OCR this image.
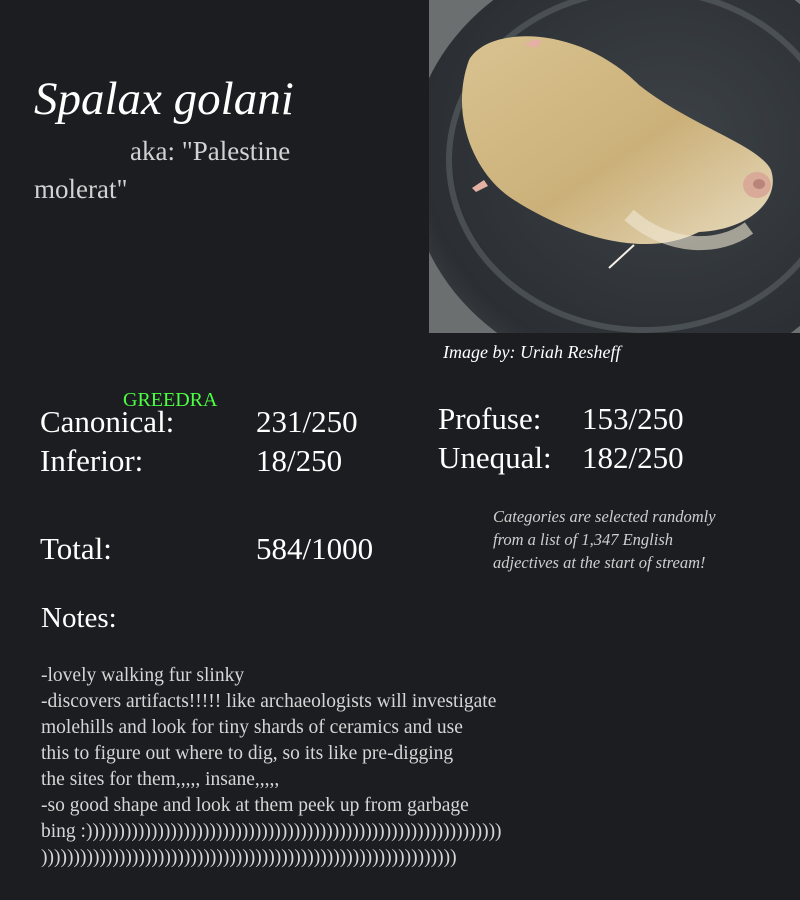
Spalax golani

aka: "Palestine molerat"

Image by: Uriah Resheff
GREEDRA
Canonical:	231/250
Inferior:	18/250
Total:	584/1000
Profuse: 153/250
Unequal: 182/250
Categories are selected randomly from a list of 1,347 English adjectives at the start of stream!
Notes:
-lovely walking fur slinky
-discovers artifacts!!!!! like archaeologists will investigate
molehills and look for tiny shards of ceramics and use
this to figure out where to dig, so its like pre-digging
the sites for them,,,,, insane,,,,,
-so good shape and look at them peek up from garbage
bing :))))))))))))))))))))))))))))))))))))))))))))))))))))))))))))))))
))))))))))))))))))))))))))))))))))))))))))))))))))))))))))))))))
